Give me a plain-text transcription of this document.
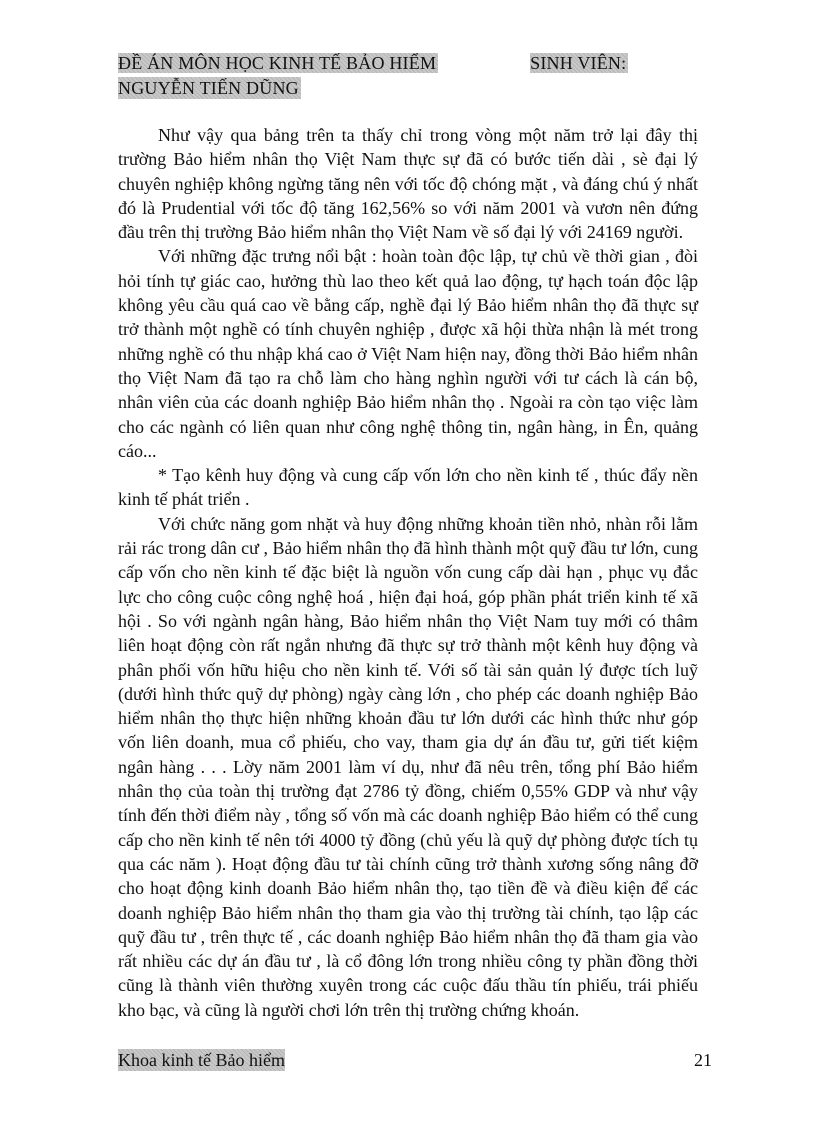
ĐỀ ÁN MÔN HỌC KINH TẾ BẢO HIỂM	SINH VIÊN:
NGUYỄN TIẾN DŨNG

Như vậy qua bảng trên ta thấy chỉ trong vòng một năm trở lại đây thị trường Bảo hiểm nhân thọ Việt Nam thực sự đã có bước tiến dài , sè đại lý chuyên nghiệp không ngừng tăng nên với tốc độ chóng mặt , và đáng chú ý nhất đó là Prudential với tốc độ tăng 162,56% so với năm 2001 và vươn nên đứng đầu trên thị trường Bảo hiểm nhân thọ Việt Nam về số đại lý với 24169 người.

Với những đặc trưng nổi bật : hoàn toàn độc lập, tự chủ về thời gian , đòi hỏi tính tự giác cao, hưởng thù lao theo kết quả lao động, tự hạch toán độc lập không yêu cầu quá cao về bằng cấp, nghề đại lý Bảo hiểm nhân thọ đã thực sự trở thành một nghề có tính chuyên nghiệp , được xã hội thừa nhận là mét trong những nghề có thu nhập khá cao ở Việt Nam hiện nay, đồng thời Bảo hiểm nhân thọ Việt Nam đã tạo ra chỗ làm cho hàng nghìn người với tư cách là cán bộ, nhân viên của các doanh nghiệp Bảo hiểm nhân thọ . Ngoài ra còn tạo việc làm cho các ngành có liên quan như công nghệ thông tin, ngân hàng, in Ên, quảng cáo...

* Tạo kênh huy động và cung cấp vốn lớn cho nền kinh tế , thúc đẩy nền kinh tế phát triển .

Với chức năng gom nhặt và huy động những khoản tiền nhỏ, nhàn rỗi lằm rải rác trong dân cư , Bảo hiểm nhân thọ đã hình thành một quỹ đầu tư lớn, cung cấp vốn cho nền kinh tế đặc biệt là nguồn vốn cung cấp dài hạn , phục vụ đắc lực cho công cuộc công nghệ hoá , hiện đại hoá, góp phần phát triển kinh tế xã hội . So với ngành ngân hàng, Bảo hiểm nhân thọ Việt Nam tuy mới có thâm liên hoạt động còn rất ngắn nhưng đã thực sự trở thành một kênh huy động và phân phối vốn hữu hiệu cho nền kinh tế. Với số tài sản quản lý được tích luỹ (dưới hình thức quỹ dự phòng) ngày càng lớn , cho phép các doanh nghiệp Bảo hiểm nhân thọ thực hiện những khoản đầu tư lớn dưới các hình thức như góp vốn liên doanh, mua cổ phiếu, cho vay, tham gia dự án đầu tư, gửi tiết kiệm ngân hàng . . . Lờy năm 2001 làm ví dụ, như đã nêu trên, tổng phí Bảo hiểm nhân thọ của toàn thị trường đạt 2786 tỷ đồng, chiếm 0,55% GDP và như vậy tính đến thời điểm này , tổng số vốn mà các doanh nghiệp Bảo hiểm có thể cung cấp cho nền kinh tế nên tới 4000 tỷ đồng (chủ yếu là quỹ dự phòng được tích tụ qua các năm ). Hoạt động đầu tư tài chính cũng trở thành xương sống nâng đỡ cho hoạt động kinh doanh Bảo hiểm nhân thọ, tạo tiền đề và điều kiện để các doanh nghiệp Bảo hiểm nhân thọ tham gia vào thị trường tài chính, tạo lập các quỹ đầu tư , trên thực tế , các doanh nghiệp Bảo hiểm nhân thọ đã tham gia vào rất nhiều các dự án đầu tư , là cổ đông lớn trong nhiều công ty phần đồng thời cũng là thành viên thường xuyên trong các cuộc đấu thầu tín phiếu, trái phiếu kho bạc, và cũng là người chơi lớn trên thị trường chứng khoán.

Khoa kinh tế Bảo hiểm	21
